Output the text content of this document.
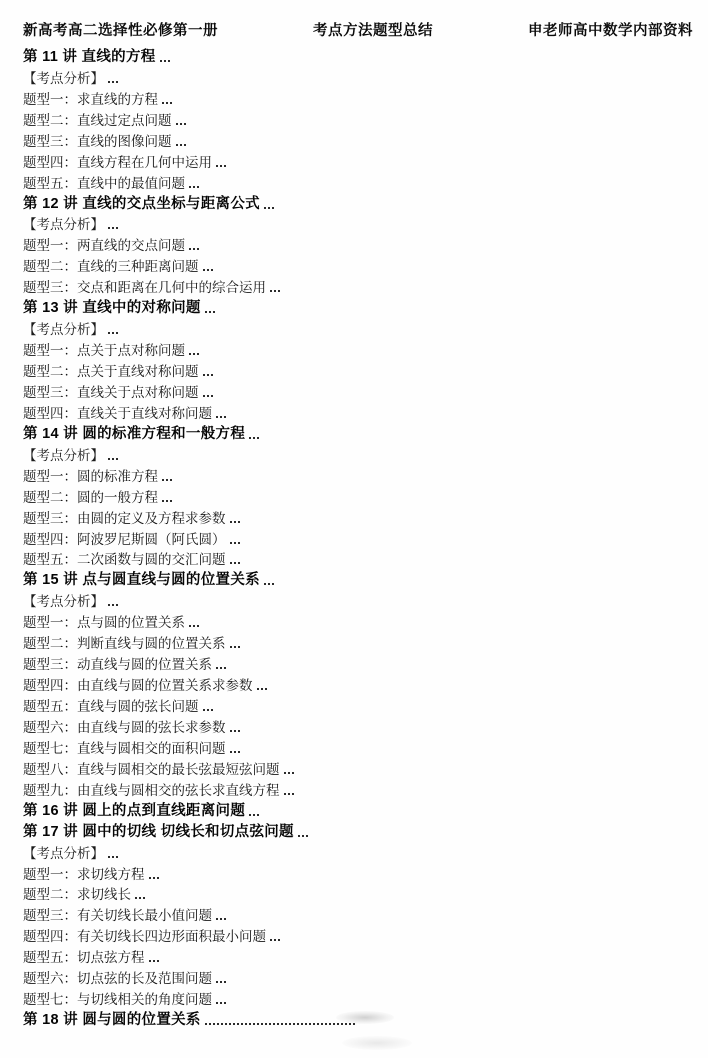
新高考高二选择性必修第一册	考点方法题型总结	申老师高中数学内部资料
第 11 讲 直线的方程
【考点分析】
题型一：求直线的方程
题型二：直线过定点问题
题型三：直线的图像问题
题型四：直线方程在几何中运用
题型五：直线中的最值问题
第 12 讲 直线的交点坐标与距离公式
【考点分析】
题型一：两直线的交点问题
题型二：直线的三种距离问题
题型三：交点和距离在几何中的综合运用
第 13 讲 直线中的对称问题
【考点分析】
题型一：点关于点对称问题
题型二：点关于直线对称问题
题型三：直线关于点对称问题
题型四：直线关于直线对称问题
第 14 讲 圆的标准方程和一般方程
【考点分析】
题型一：圆的标准方程
题型二：圆的一般方程
题型三：由圆的定义及方程求参数
题型四：阿波罗尼斯圆（阿氏圆）
题型五：二次函数与圆的交汇问题
第 15 讲 点与圆直线与圆的位置关系
【考点分析】
题型一：点与圆的位置关系
题型二：判断直线与圆的位置关系
题型三：动直线与圆的位置关系
题型四：由直线与圆的位置关系求参数
题型五：直线与圆的弦长问题
题型六：由直线与圆的弦长求参数
题型七：直线与圆相交的面积问题
题型八：直线与圆相交的最长弦最短弦问题
题型九：由直线与圆相交的弦长求直线方程
第 16 讲 圆上的点到直线距离问题
第 17 讲 圆中的切线 切线长和切点弦问题
【考点分析】
题型一：求切线方程
题型二：求切线长
题型三：有关切线长最小值问题
题型四：有关切线长四边形面积最小问题
题型五：切点弦方程
题型六：切点弦的长及范围问题
题型七：与切线相关的角度问题
第 18 讲 圆与圆的位置关系
